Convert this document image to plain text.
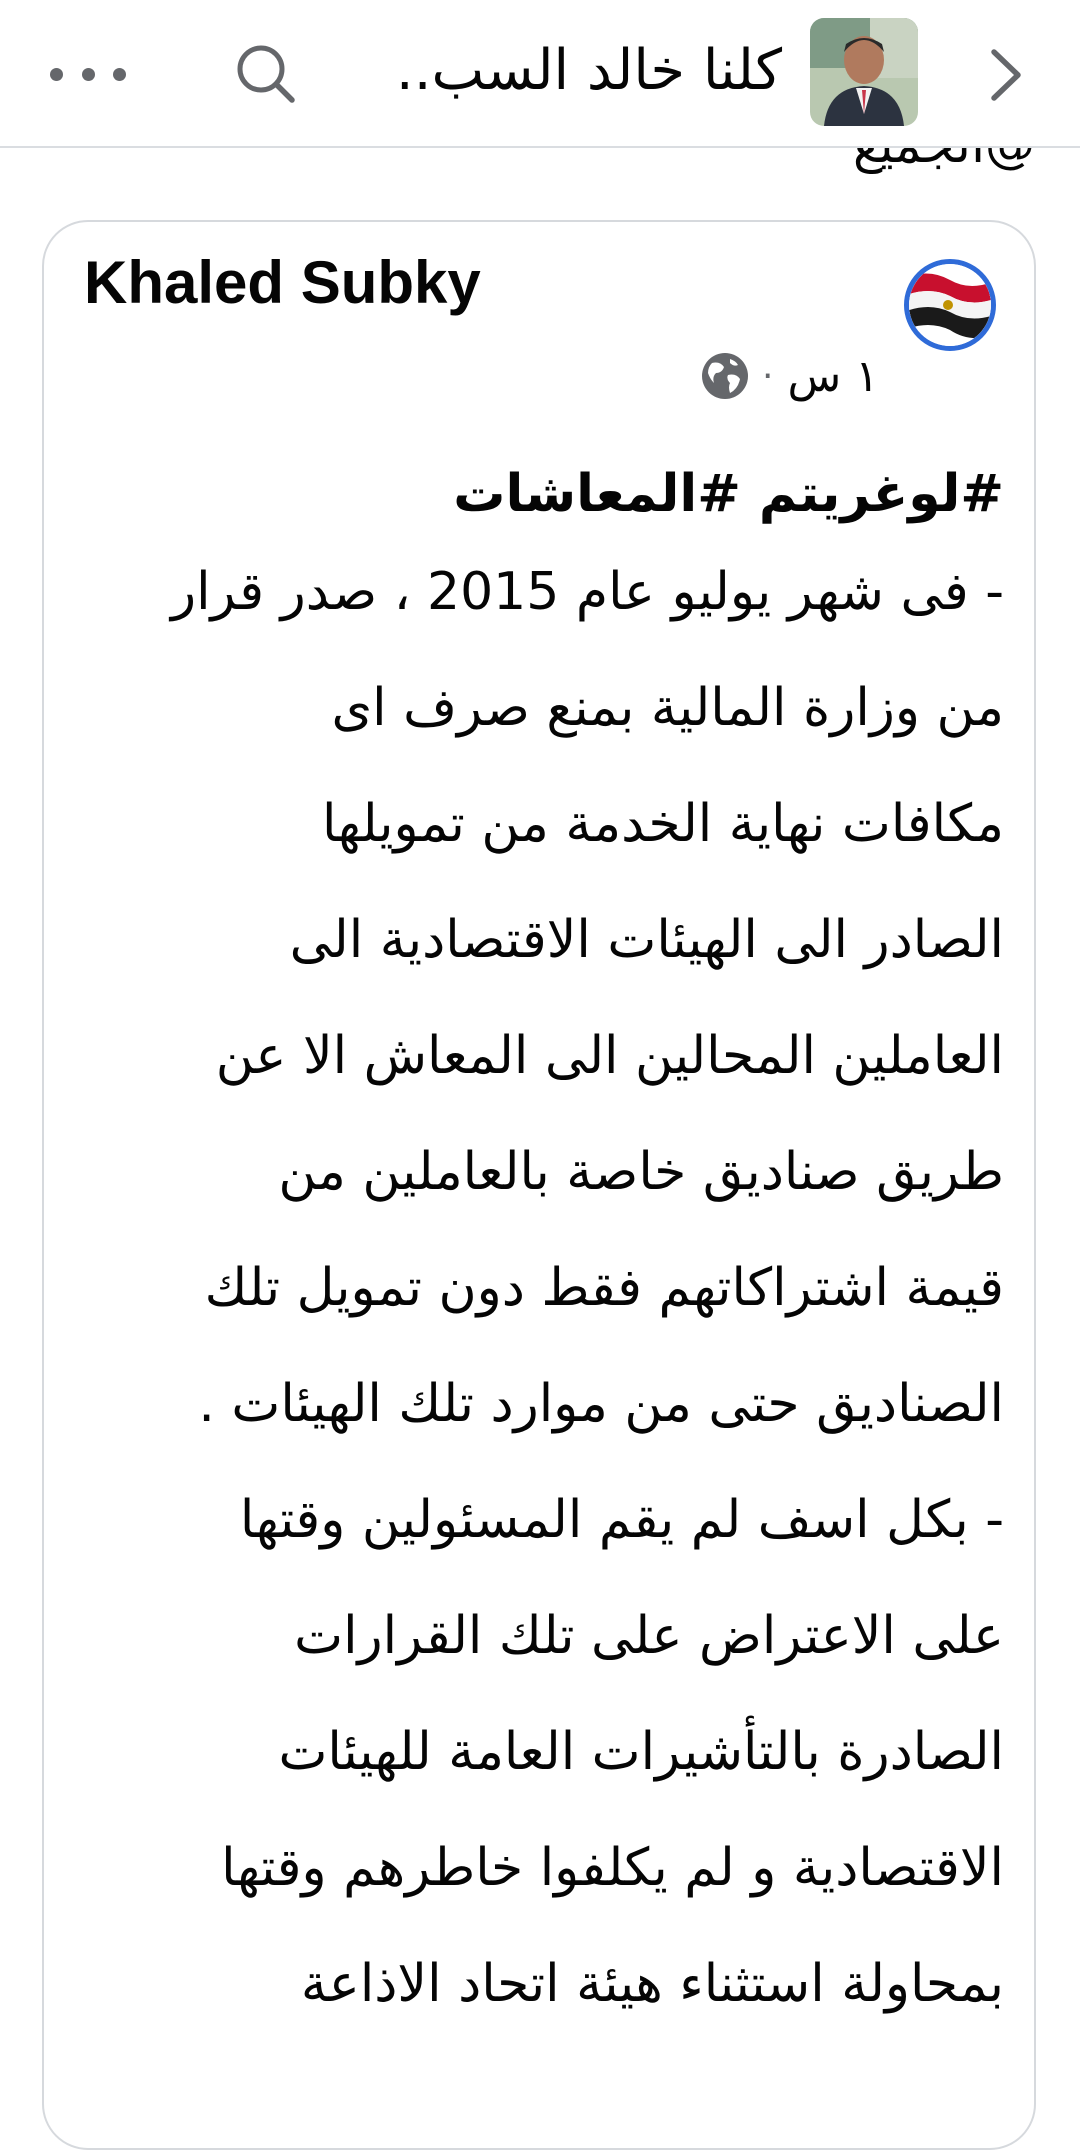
كلنا خالد السب..
Khaled Subky
· ١ س
#لوغريتم #المعاشات
- فى شهر يوليو عام 2015 ، صدر قرار
من وزارة المالية بمنع صرف اى
مكافات نهاية الخدمة من تمويلها
الصادر الى الهيئات الاقتصادية الى
العاملين المحالين الى المعاش الا عن
طريق صناديق خاصة بالعاملين من
قيمة اشتراكاتهم فقط دون تمويل تلك
الصناديق حتى من موارد تلك الهيئات .
- بكل اسف لم يقم المسئولين وقتها
على الاعتراض على تلك القرارات
الصادرة بالتأشيرات العامة للهيئات
الاقتصادية و لم يكلفوا خاطرهم وقتها
بمحاولة استثناء هيئة اتحاد الاذاعة
